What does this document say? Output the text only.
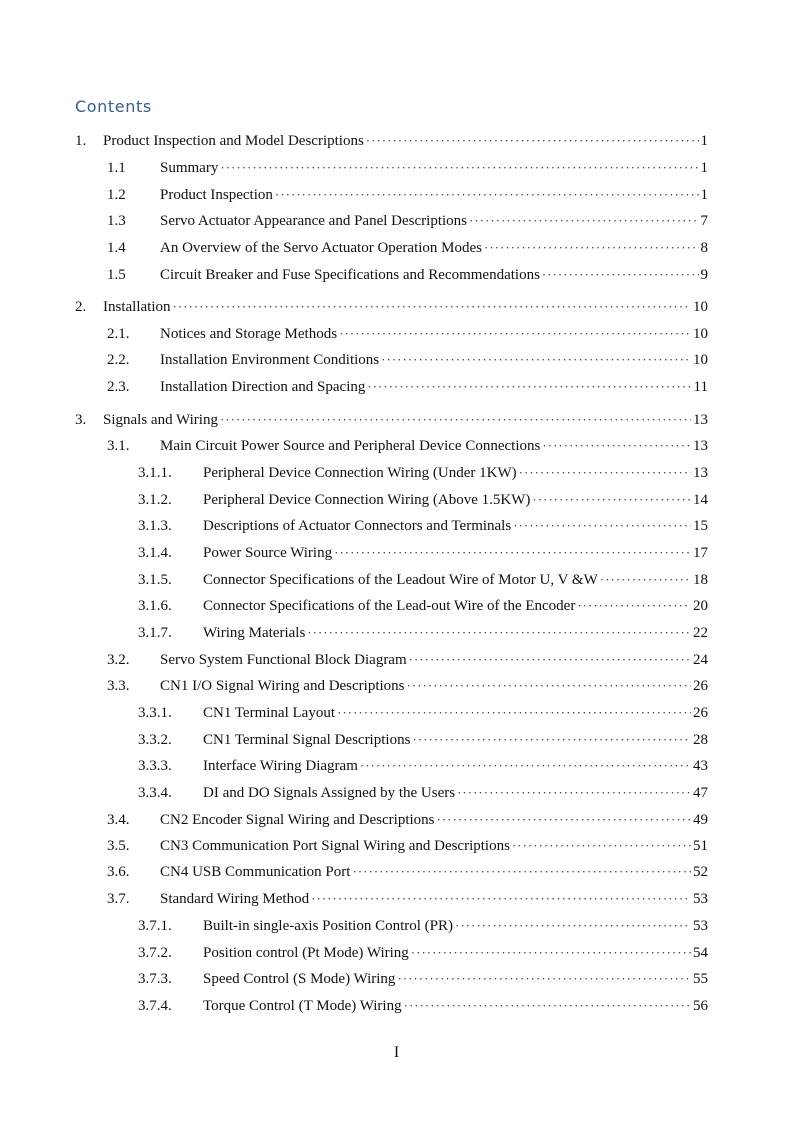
Contents
1. Product Inspection and Model Descriptions ·····	1
1.1 Summary ·····	1
1.2 Product Inspection ·····	1
1.3 Servo Actuator Appearance and Panel Descriptions ·····	7
1.4 An Overview of the Servo Actuator Operation Modes ·····	8
1.5 Circuit Breaker and Fuse Specifications and Recommendations ·····	9
2. Installation ·····	10
2.1. Notices and Storage Methods ·····	10
2.2. Installation Environment Conditions ·····	10
2.3. Installation Direction and Spacing ·····	11
3. Signals and Wiring ·····	13
3.1. Main Circuit Power Source and Peripheral Device Connections ·····	13
3.1.1. Peripheral Device Connection Wiring (Under 1KW) ·····	13
3.1.2. Peripheral Device Connection Wiring (Above 1.5KW) ·····	14
3.1.3. Descriptions of Actuator Connectors and Terminals ·····	15
3.1.4. Power Source Wiring ·····	17
3.1.5. Connector Specifications of the Leadout Wire of Motor U, V &W ·····	18
3.1.6. Connector Specifications of the Lead-out Wire of the Encoder ·····	20
3.1.7. Wiring Materials ·····	22
3.2. Servo System Functional Block Diagram ·····	24
3.3. CN1 I/O Signal Wiring and Descriptions ·····	26
3.3.1. CN1 Terminal Layout ·····	26
3.3.2. CN1 Terminal Signal Descriptions ·····	28
3.3.3. Interface Wiring Diagram ·····	43
3.3.4. DI and DO Signals Assigned by the Users ·····	47
3.4. CN2 Encoder Signal Wiring and Descriptions ·····	49
3.5. CN3 Communication Port Signal Wiring and Descriptions ·····	51
3.6. CN4 USB Communication Port ·····	52
3.7. Standard Wiring Method ·····	53
3.7.1. Built-in single-axis Position Control (PR) ·····	53
3.7.2. Position control (Pt Mode) Wiring ·····	54
3.7.3. Speed Control (S Mode) Wiring ·····	55
3.7.4. Torque Control (T Mode) Wiring ·····	56
I
